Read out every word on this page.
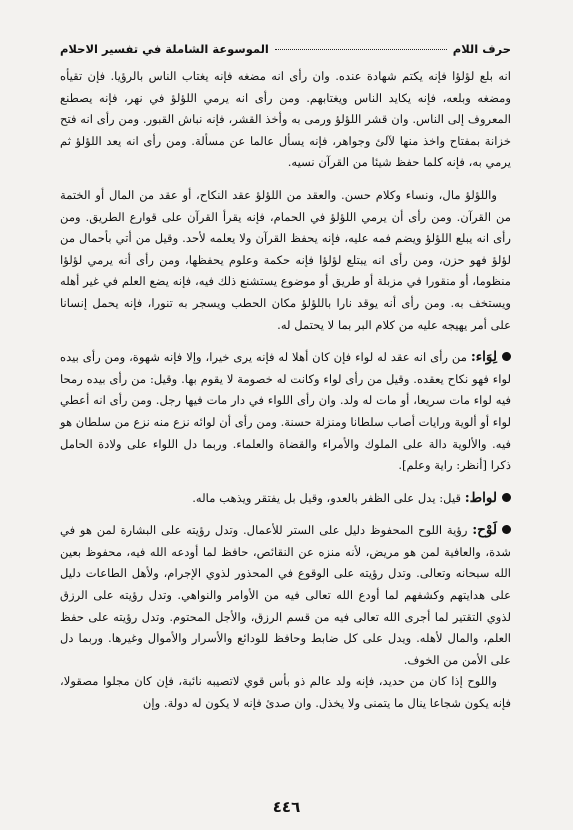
حرف اللام
الموسوعة الشاملة في تفسير الاحلام

انه بلع لؤلؤا فإنه يكتم شهادة عنده. وان رأى انه مضغه فإنه يغتاب الناس بالرؤيا. فإن تقيأه ومضغه وبلعه، فإنه يكايد الناس ويغتابهم. ومن رأى انه يرمي اللؤلؤ في نهر، فإنه يصطنع المعروف إلى الناس. وان قشر اللؤلؤ ورمى به وأخذ القشر، فإنه نباش القبور. ومن رأى انه فتح خزانة بمفتاح واخذ منها لآلئ وجواهر، فإنه يسأل عالما عن مسألة. ومن رأى انه يعد اللؤلؤ ثم يرمي به، فإنه كلما حفظ شيئا من القرآن نسيه.

واللؤلؤ مال، ونساء وكلام حسن. والعقد من اللؤلؤ عقد النكاح، أو عقد من المال أو الختمة من القرآن. ومن رأى أن يرمي اللؤلؤ في الحمام، فإنه يقرأ القرآن على قوارع الطريق. ومن رأى انه يبلع اللؤلؤ ويضم فمه عليه، فإنه يحفظ القرآن ولا يعلمه لأحد. وقيل من أتي بأحمال من لؤلؤ فهو حزن، ومن رأى انه يبتلع لؤلؤا فإنه حكمة وعلوم يحفظها، ومن رأى أنه يرمي لؤلؤا منظوما، أو منقورا في مزبلة أو طريق أو موضوع يستشنع ذلك فيه، فإنه يضع العلم في غير أهله ويستخف به. ومن رأى أنه يوقد نارا باللؤلؤ مكان الحطب ويسجر به تنورا، فإنه يحمل إنسانا على أمر يهيجه عليه من كلام البر بما لا يحتمل له.

لِوَاء: من رأى انه عقد له لواء فإن كان أهلا له فإنه يرى خيرا، وإلا فإنه شهوة، ومن رأى بيده لواء فهو نكاح يعقده. وقيل من رأى لواء وكانت له خصومة لا يقوم بها. وقيل: من رأى بيده رمحا فيه لواء مات سريعا، أو مات له ولد. وان رأى اللواء في دار مات فيها رجل. ومن رأى انه أعطي لواء أو ألوية ورايات أصاب سلطانا ومنزلة حسنة. ومن رأى أن لوائه نزع منه نزع من سلطان هو فيه. والألوية دالة على الملوك والأمراء والقضاة والعلماء. وربما دل اللواء على ولادة الحامل ذكرا [أنظر: راية وعلم].

لواط: قيل: يدل على الظفر بالعدو، وقيل بل يفتقر ويذهب ماله.

لَوْح: رؤية اللوح المحفوظ دليل على الستر للأعمال. وتدل رؤيته على البشارة لمن هو في شدة، والعافية لمن هو مريض، لأنه منزه عن النقائص، حافظ لما أودعه الله فيه، محفوظ بعين الله سبحانه وتعالى. وتدل رؤيته على الوقوع في المحذور لذوي الإجرام، ولأهل الطاعات دليل على هدايتهم وكشفهم لما أودع الله تعالى فيه من الأوامر والنواهي. وتدل رؤيته على الرزق لذوي التقتير لما أجرى الله تعالى فيه من قسم الرزق، والأجل المحتوم. وتدل رؤيته على حفظ العلم، والمال لأهله. ويدل على كل ضابط وحافظ للودائع والأسرار والأموال وغيرها. وربما دل على الأمن من الخوف.

واللوح إذا كان من حديد، فإنه ولد عالم ذو بأس قوي لاتصيبه نائبة، فإن كان مجلوا مصقولا، فإنه يكون شجاعا ينال ما يتمنى ولا يخذل. وان صدئ فإنه لا يكون له دولة. وإن

٤٤٦
